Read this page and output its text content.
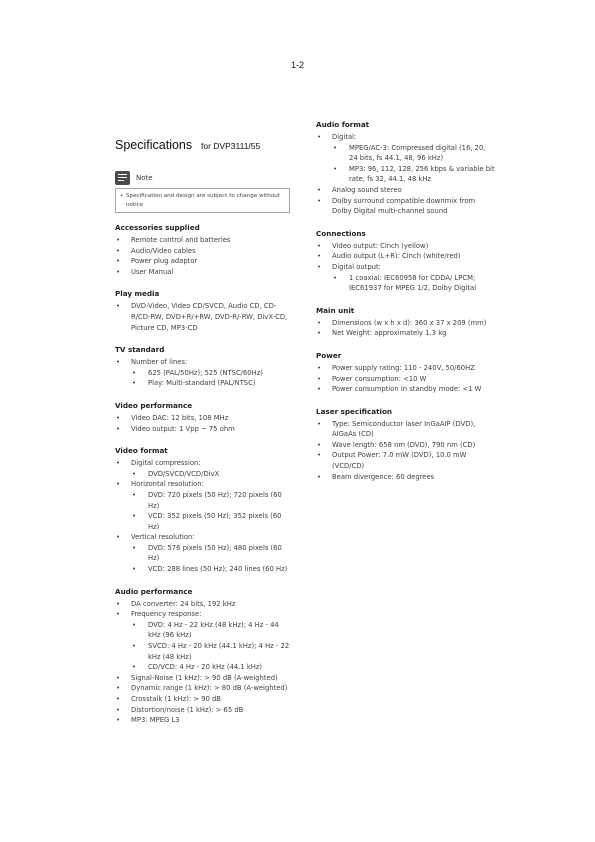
1-2
Specifications for DVP3111/55
Note
• Specification and design are subject to change without notice
Accessories supplied
• Remote control and batteries
• Audio/Video cables
• Power plug adaptor
• User Manual
Play media
• DVD-Video, Video CD/SVCD, Audio CD, CD-R/CD-RW, DVD+R/+RW, DVD-R/-RW, DivX-CD, Picture CD, MP3-CD
TV standard
• Number of lines:
• 625 (PAL/50Hz); 525 (NTSC/60Hz)
• Play: Multi-standard (PAL/NTSC)
Video performance
• Video DAC: 12 bits, 108 MHz
• Video output: 1 Vpp ~ 75 ohm
Video format
• Digital compression:
• DVD/SVCD/VCD/DivX
• Horizontal resolution:
• DVD: 720 pixels (50 Hz); 720 pixels (60 Hz)
• VCD: 352 pixels (50 Hz); 352 pixels (60 Hz)
• Vertical resolution:
• DVD: 576 pixels (50 Hz); 480 pixels (60 Hz)
• VCD: 288 lines (50 Hz); 240 lines (60 Hz)
Audio performance
• DA converter: 24 bits, 192 kHz
• Frequency response:
• DVD: 4 Hz - 22 kHz (48 kHz); 4 Hz - 44 kHz (96 kHz)
• SVCD: 4 Hz - 20 kHz (44.1 kHz); 4 Hz - 22 kHz (48 kHz)
• CD/VCD: 4 Hz - 20 kHz (44.1 kHz)
• Signal-Noise (1 kHz): > 90 dB (A-weighted)
• Dynamic range (1 kHz): > 80 dB (A-weighted)
• Crosstalk (1 kHz): > 90 dB
• Distortion/noise (1 kHz): > 65 dB
• MP3: MPEG L3
Audio format
• Digital:
• MPEG/AC-3: Compressed digital (16, 20, 24 bits, fs 44.1, 48, 96 kHz)
• MP3: 96, 112, 128, 256 kbps & variable bit rate, fs 32, 44.1, 48 kHz
• Analog sound stereo
• Dolby surround compatible downmix from Dolby Digital multi-channel sound
Connections
• Video output: Cinch (yellow)
• Audio output (L+R): Cinch (white/red)
• Digital output:
• 1 coaxial: IEC60958 for CDDA/ LPCM; IEC61937 for MPEG 1/2, Dolby Digital
Main unit
• Dimensions (w x h x d): 360 x 37 x 209 (mm)
• Net Weight: approximately 1.3 kg
Power
• Power supply rating: 110 - 240V, 50/60HZ
• Power consumption: <10 W
• Power consumption in standby mode: <1 W
Laser specification
• Type: Semiconductor laser InGaAIP (DVD), AIGaAs (CD)
• Wave length: 658 nm (DVD), 790 nm (CD)
• Output Power: 7.0 mW (DVD), 10.0 mW (VCD/CD)
• Beam divergence: 60 degrees
